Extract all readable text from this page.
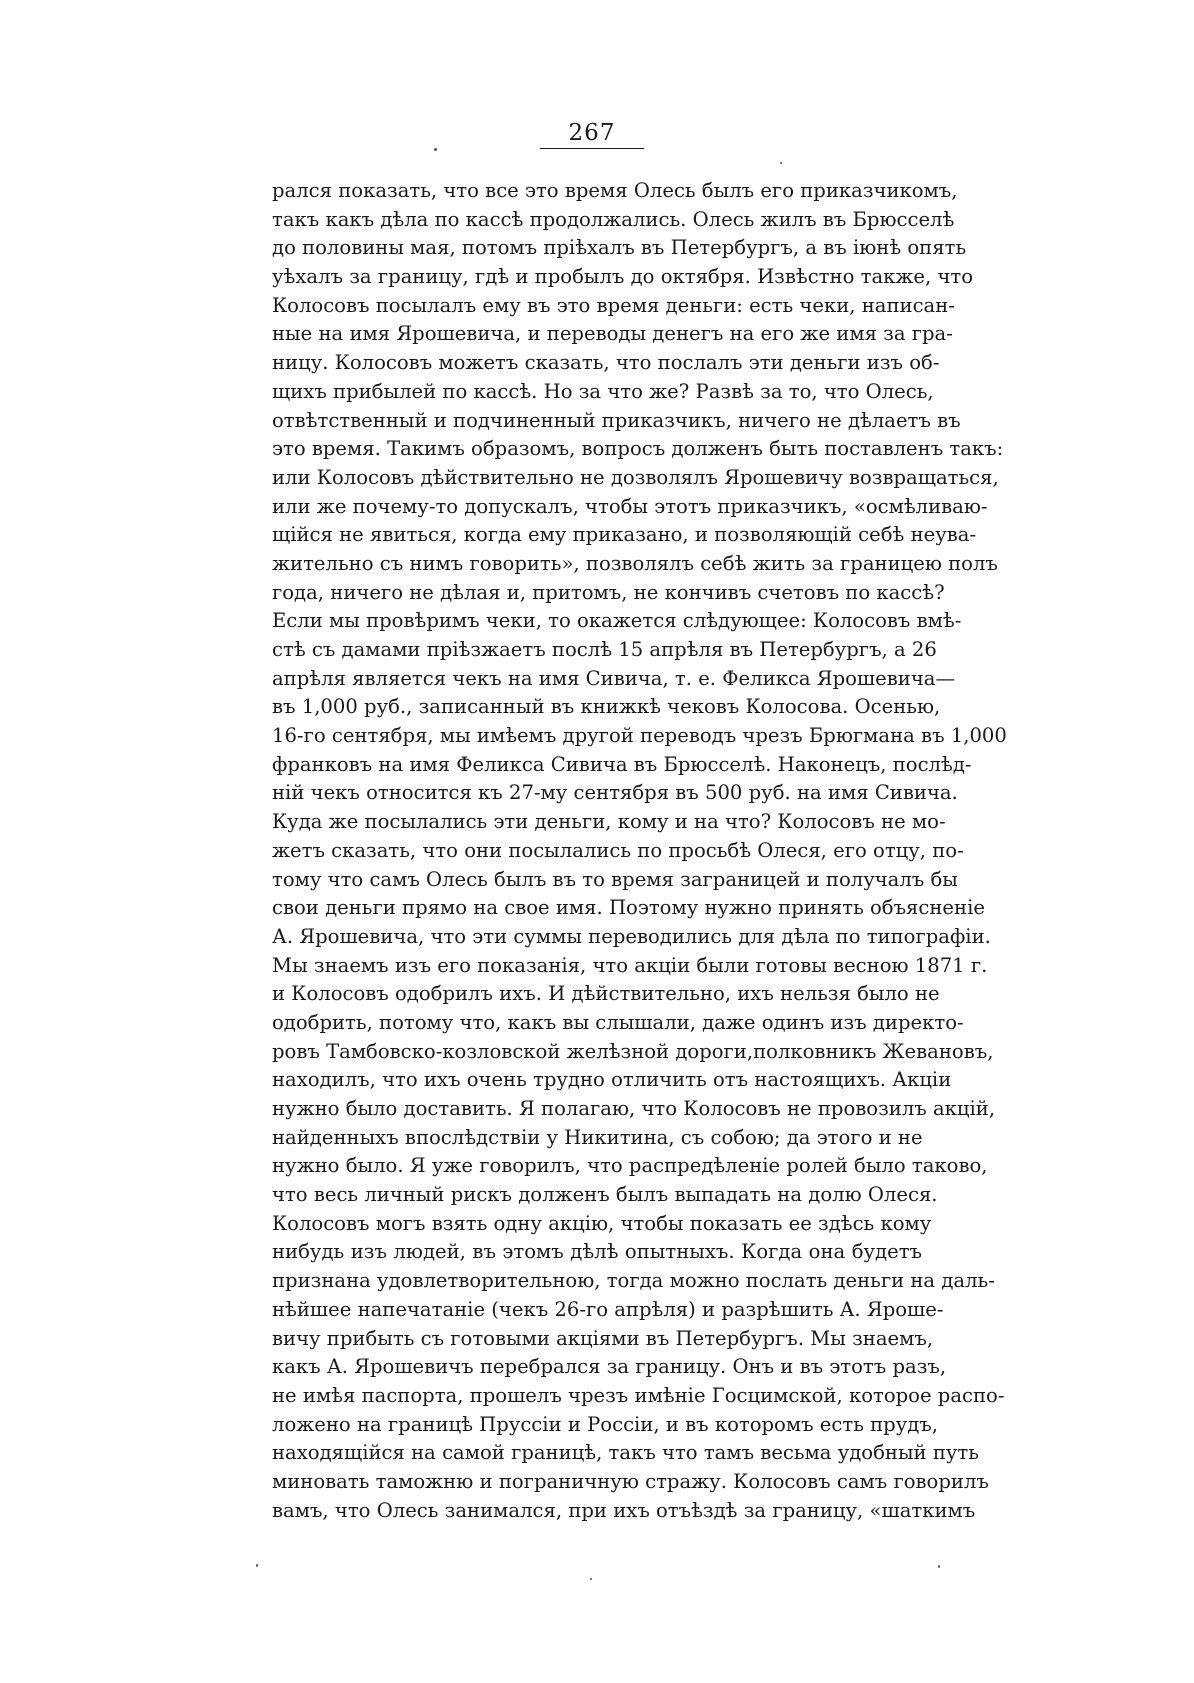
267
рался показать, что все это время Олесь былъ его приказчикомъ,
такъ какъ дѣла по кассѣ продолжались. Олесь жилъ въ Брюсселѣ
до половины мая, потомъ пріѣхалъ въ Петербургъ, а въ іюнѣ опять
уѣхалъ за границу, гдѣ и пробылъ до октября. Извѣстно также, что
Колосовъ посылалъ ему въ это время деньги: есть чеки, написан-
ные на имя Ярошевича, и переводы денегъ на его же имя за гра-
ницу. Колосовъ можетъ сказать, что послалъ эти деньги изъ об-
щихъ прибылей по кассѣ. Но за что же? Развѣ за то, что Олесь,
отвѣтственный и подчиненный приказчикъ, ничего не дѣлаетъ въ
это время. Такимъ образомъ, вопросъ долженъ быть поставленъ такъ:
или Колосовъ дѣйствительно не дозволялъ Ярошевичу возвращаться,
или же почему-то допускалъ, чтобы этотъ приказчикъ, «осмѣливаю-
щійся не явиться, когда ему приказано, и позволяющій себѣ неува-
жительно съ нимъ говорить», позволялъ себѣ жить за границею полъ
года, ничего не дѣлая и, притомъ, не кончивъ счетовъ по кассѣ?
Если мы провѣримъ чеки, то окажется слѣдующее: Колосовъ вмѣ-
стѣ съ дамами пріѣзжаетъ послѣ 15 апрѣля въ Петербургъ, а 26
апрѣля является чекъ на имя Сивича, т. е. Феликса Ярошевича—
въ 1,000 руб., записанный въ книжкѣ чековъ Колосова. Осенью,
16-го сентября, мы имѣемъ другой переводъ чрезъ Брюгмана въ 1,000
франковъ на имя Феликса Сивича въ Брюсселѣ. Наконецъ, послѣд-
ній чекъ относится къ 27-му сентября въ 500 руб. на имя Сивича.
Куда же посылались эти деньги, кому и на что? Колосовъ не мо-
жетъ сказать, что они посылались по просьбѣ Олеся, его отцу, по-
тому что самъ Олесь былъ въ то время заграницей и получалъ бы
свои деньги прямо на свое имя. Поэтому нужно принять объясненіе
А. Ярошевича, что эти суммы переводились для дѣла по типографіи.
Мы знаемъ изъ его показанія, что акціи были готовы весною 1871 г.
и Колосовъ одобрилъ ихъ. И дѣйствительно, ихъ нельзя было не
одобрить, потому что, какъ вы слышали, даже одинъ изъ директо-
ровъ Тамбовско-козловской желѣзной дороги,полковникъ Жевановъ,
находилъ, что ихъ очень трудно отличить отъ настоящихъ. Акціи
нужно было доставить. Я полагаю, что Колосовъ не провозилъ акцій,
найденныхъ впослѣдствіи у Никитина, съ собою; да этого и не
нужно было. Я уже говорилъ, что распредѣленіе ролей было таково,
что весь личный рискъ долженъ былъ выпадать на долю Олеся.
Колосовъ могъ взять одну акцію, чтобы показать ее здѣсь кому
нибудь изъ людей, въ этомъ дѣлѣ опытныхъ. Когда она будетъ
признана удовлетворительною, тогда можно послать деньги на даль-
нѣйшее напечатаніе (чекъ 26-го апрѣля) и разрѣшить А. Ярoше-
вичу прибыть съ готовыми акціями въ Петербургъ. Мы знаемъ,
какъ А. Ярошевичъ перебрался за границу. Онъ и въ этотъ разъ,
не имѣя паспорта, прошелъ чрезъ имѣніе Госцимской, которое распо-
ложено на границѣ Пруссіи и Россіи, и въ которомъ есть прудъ,
находящійся на самой границѣ, такъ что тамъ весьма удобный путь
миновать таможню и пограничную стражу. Колосовъ самъ говорилъ
вамъ, что Олесь занимался, при ихъ отъѣздѣ за границу, «шаткимъ
